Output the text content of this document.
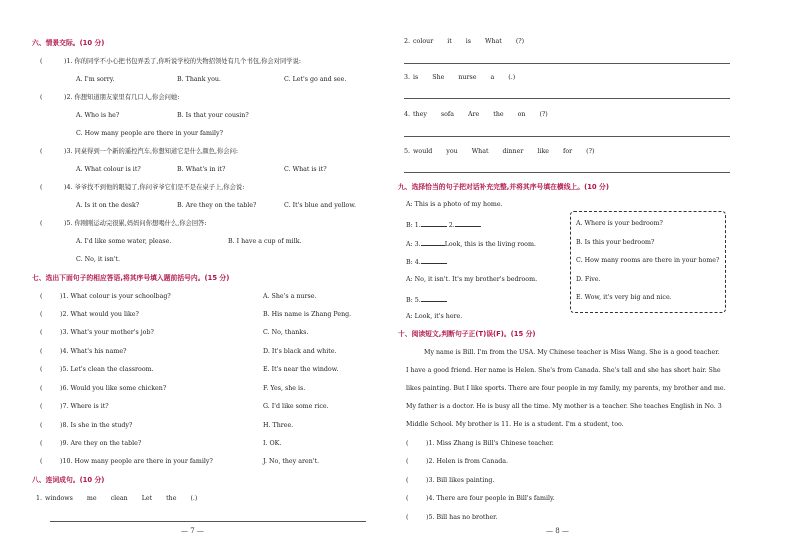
六、情景交际。(10 分)
(	)1. 你的同学不小心把书包弄丢了,你听说学校的失物招领处有几个书包,你会对同学说:
A. I'm sorry.	B. Thank you.	C. Let's go and see.
(	)2. 你想知道朋友家里有几口人,你会问她:
A. Who is he?	B. Is that your cousin?
C. How many people are there in your family?
(	)3. 同桌得到一个新的遥控汽车,你想知道它是什么颜色,你会问:
A. What colour is it?	B. What's in it?	C. What is it?
(	)4. 爷爷找不到他的眼镜了,你问爷爷它们是不是在桌子上,你会说:
A. Is it on the desk?	B. Are they on the table?	C. It's blue and yellow.
(	)5. 你刚刚运动完很累,妈妈问你想喝什么,你会回答:
A. I'd like some water, please.	B. I have a cup of milk.
C. No, it isn't.
七、选出下面句子的相应答语,将其序号填入题前括号内。(15 分)
(	)1. What colour is your schoolbag?	A. She's a nurse.
(	)2. What would you like?	B. His name is Zhang Peng.
(	)3. What's your mother's job?	C. No, thanks.
(	)4. What's his name?	D. It's black and white.
(	)5. Let's clean the classroom.	E. It's near the window.
(	)6. Would you like some chicken?	F. Yes, she is.
(	)7. Where is it?	G. I'd like some rice.
(	)8. Is she in the study?	H. Three.
(	)9. Are they on the table?	I. OK.
(	)10. How many people are there in your family?	J. No, they aren't.
八、连词成句。(10 分)
1. windows me clean Let the (.)
— 7 —
2. colour it is What (?)
3. is She nurse a (.)
4. they sofa Are the on (?)
5. would you What dinner like for (?)
九、选择恰当的句子把对话补充完整,并将其序号填在横线上。(10 分)
A: This is a photo of my home.
B: 1.	2.
A: 3.	Look, this is the living room.
B: 4.
A: No, it isn't. It's my brother's bedroom.
B: 5.
A: Look, it's here.
A. Where is your bedroom?
B. Is this your bedroom?
C. How many rooms are there in your home?
D. Five.
E. Wow, it's very big and nice.
十、阅读短文,判断句子正(T)误(F)。(15 分)
My name is Bill. I'm from the USA. My Chinese teacher is Miss Wang. She is a good teacher.
I have a good friend. Her name is Helen. She's from Canada. She's tall and she has short hair. She
likes painting. But I like sports. There are four people in my family, my parents, my brother and me.
My father is a doctor. He is busy all the time. My mother is a teacher. She teaches English in No. 3
Middle School. My brother is 11. He is a student. I'm a student, too.
(	)1. Miss Zhang is Bill's Chinese teacher.
(	)2. Helen is from Canada.
(	)3. Bill likes painting.
(	)4. There are four people in Bill's family.
(	)5. Bill has no brother.
— 8 —
